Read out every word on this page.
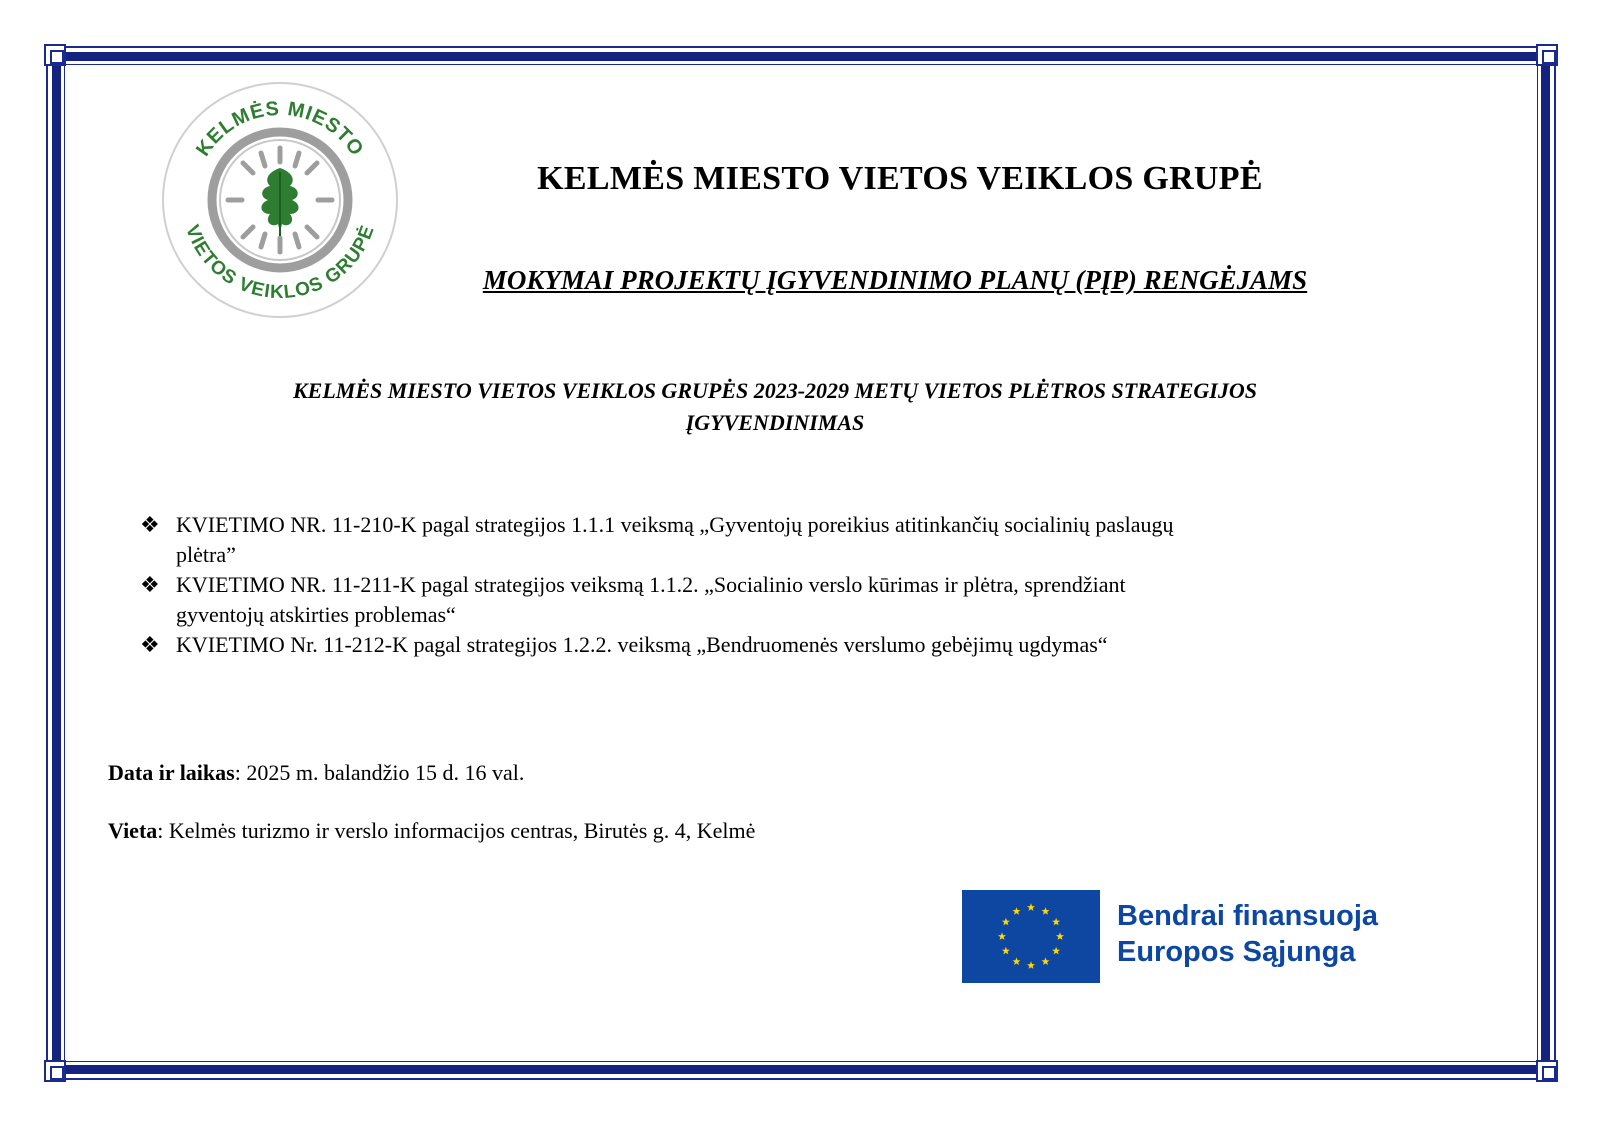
KELMĖS MIESTO
VIETOS VEIKLOS GRUPĖ
KELMĖS MIESTO VIETOS VEIKLOS GRUPĖ
MOKYMAI PROJEKTŲ ĮGYVENDINIMO PLANŲ (PĮP) RENGĖJAMS
KELMĖS MIESTO VIETOS VEIKLOS GRUPĖS 2023-2029 METŲ VIETOS PLĖTROS STRATEGIJOS
ĮGYVENDINIMAS
❖ KVIETIMO NR. 11-210-K pagal strategijos 1.1.1 veiksmą „Gyventojų poreikius atitinkančių socialinių paslaugų
plėtra”
❖ KVIETIMO NR. 11-211-K pagal strategijos veiksmą 1.1.2. „Socialinio verslo kūrimas ir plėtra, sprendžiant
gyventojų atskirties problemas“
❖ KVIETIMO Nr. 11-212-K pagal strategijos 1.2.2. veiksmą „Bendruomenės verslumo gebėjimų ugdymas“

Data ir laikas: 2025 m. balandžio 15 d. 16 val.

Vieta: Kelmės turizmo ir verslo informacijos centras, Birutės g. 4, Kelmė

Bendrai finansuoja
Europos Sąjunga
